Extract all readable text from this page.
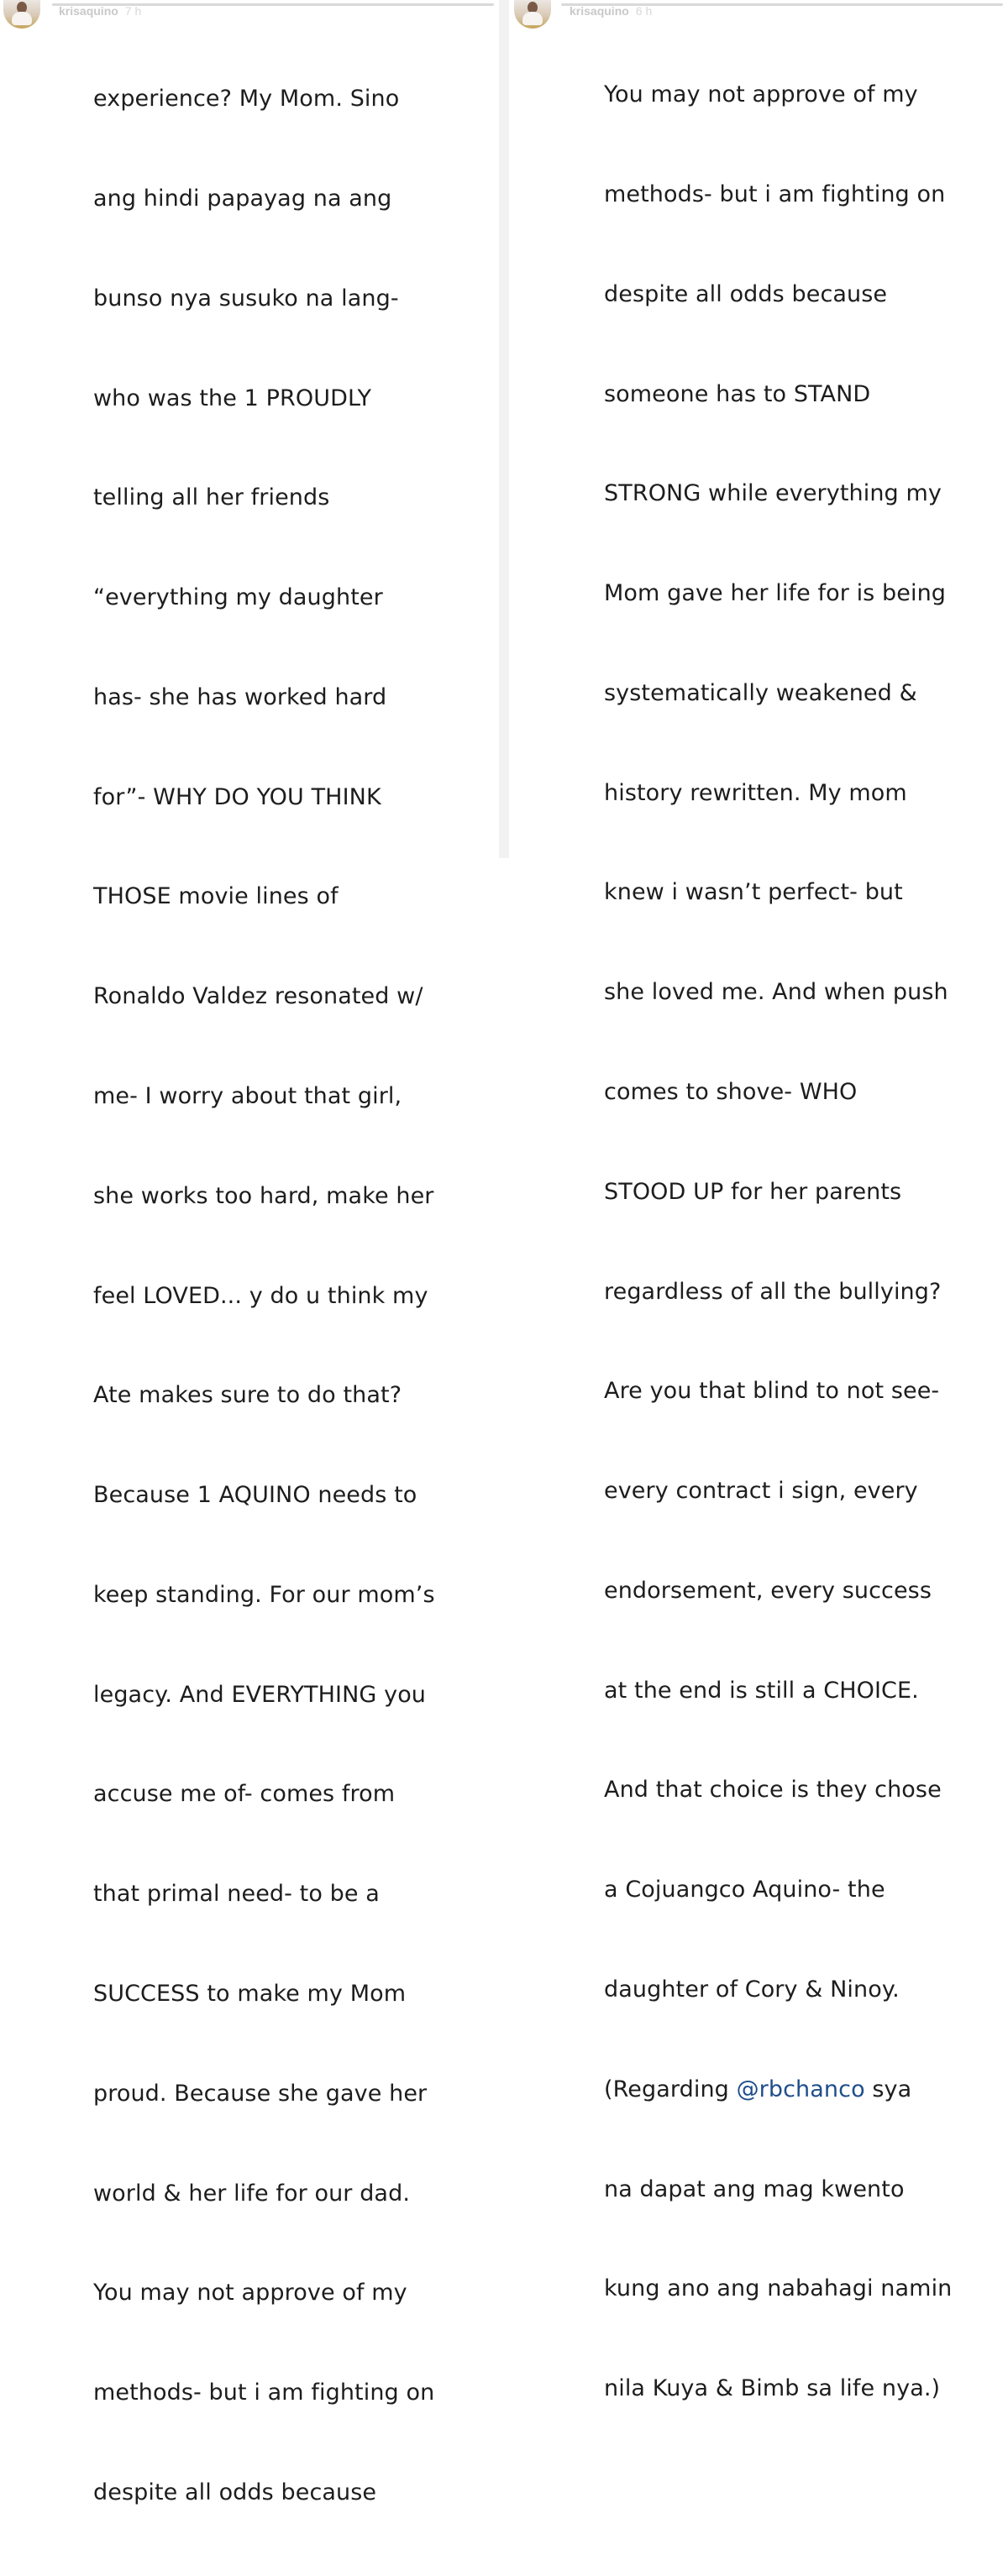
experience? My Mom. Sino

ang hindi papayag na ang

bunso nya susuko na lang-

who was the 1 PROUDLY

telling all her friends

“everything my daughter

has- she has worked hard

for”- WHY DO YOU THINK

THOSE movie lines of

Ronaldo Valdez resonated w/

me- I worry about that girl,

she works too hard, make her

feel LOVED... y do u think my

Ate makes sure to do that?

Because 1 AQUINO needs to

keep standing. For our mom’s

legacy. And EVERYTHING you

accuse me of- comes from

that primal need- to be a

SUCCESS to make my Mom

proud. Because she gave her

world & her life for our dad.

You may not approve of my

methods- but i am fighting on

despite all odds because

You may not approve of my

methods- but i am fighting on

despite all odds because

someone has to STAND

STRONG while everything my

Mom gave her life for is being

systematically weakened &

history rewritten. My mom

knew i wasn’t perfect- but

she loved me. And when push

comes to shove- WHO

STOOD UP for her parents

regardless of all the bullying?

Are you that blind to not see-

every contract i sign, every

endorsement, every success

at the end is still a CHOICE.

And that choice is they chose

a Cojuangco Aquino- the

daughter of Cory & Ninoy.

(Regarding @rbchanco sya

na dapat ang mag kwento

kung ano ang nabahagi namin

nila Kuya & Bimb sa life nya.)

krisaquino 7 h	krisaquino 6 h
